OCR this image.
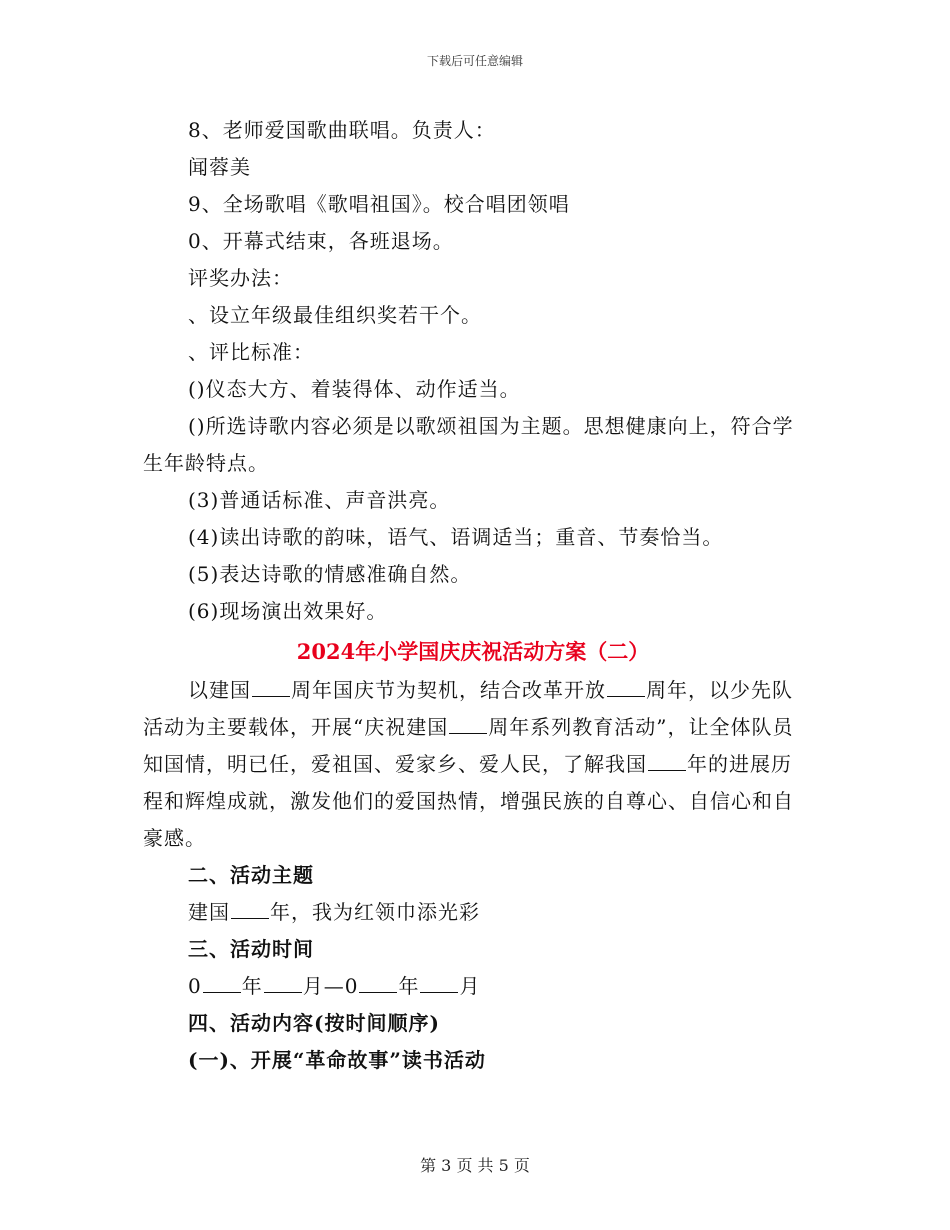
下载后可任意编辑
8、老师爱国歌曲联唱。负责人：
闻蓉美
9、全场歌唱《歌唱祖国》。校合唱团领唱
0、开幕式结束，各班退场。
评奖办法：
、设立年级最佳组织奖若干个。
、评比标准：
()仪态大方、着装得体、动作适当。

()所选诗歌内容必须是以歌颂祖国为主题。思想健康向上，符合学生年龄特点。

(3)普通话标准、声音洪亮。
(4)读出诗歌的韵味，语气、语调适当；重音、节奏恰当。
(5)表达诗歌的情感准确自然。
(6)现场演出效果好。
2024年小学国庆庆祝活动方案（二）

以建国 周年国庆节为契机，结合改革开放 周年，以少先队活动为主要载体，开展“庆祝建国 周年系列教育活动”，让全体队员知国情，明已任，爱祖国、爱家乡、爱人民，了解我国 年的进展历程和辉煌成就，激发他们的爱国热情，增强民族的自尊心、自信心和自豪感。

二、活动主题
建国 年，我为红领巾添光彩
三、活动时间
0 年 月—0 年 月
四、活动内容(按时间顺序)
(一)、开展“革命故事”读书活动
第 3 页 共 5 页
